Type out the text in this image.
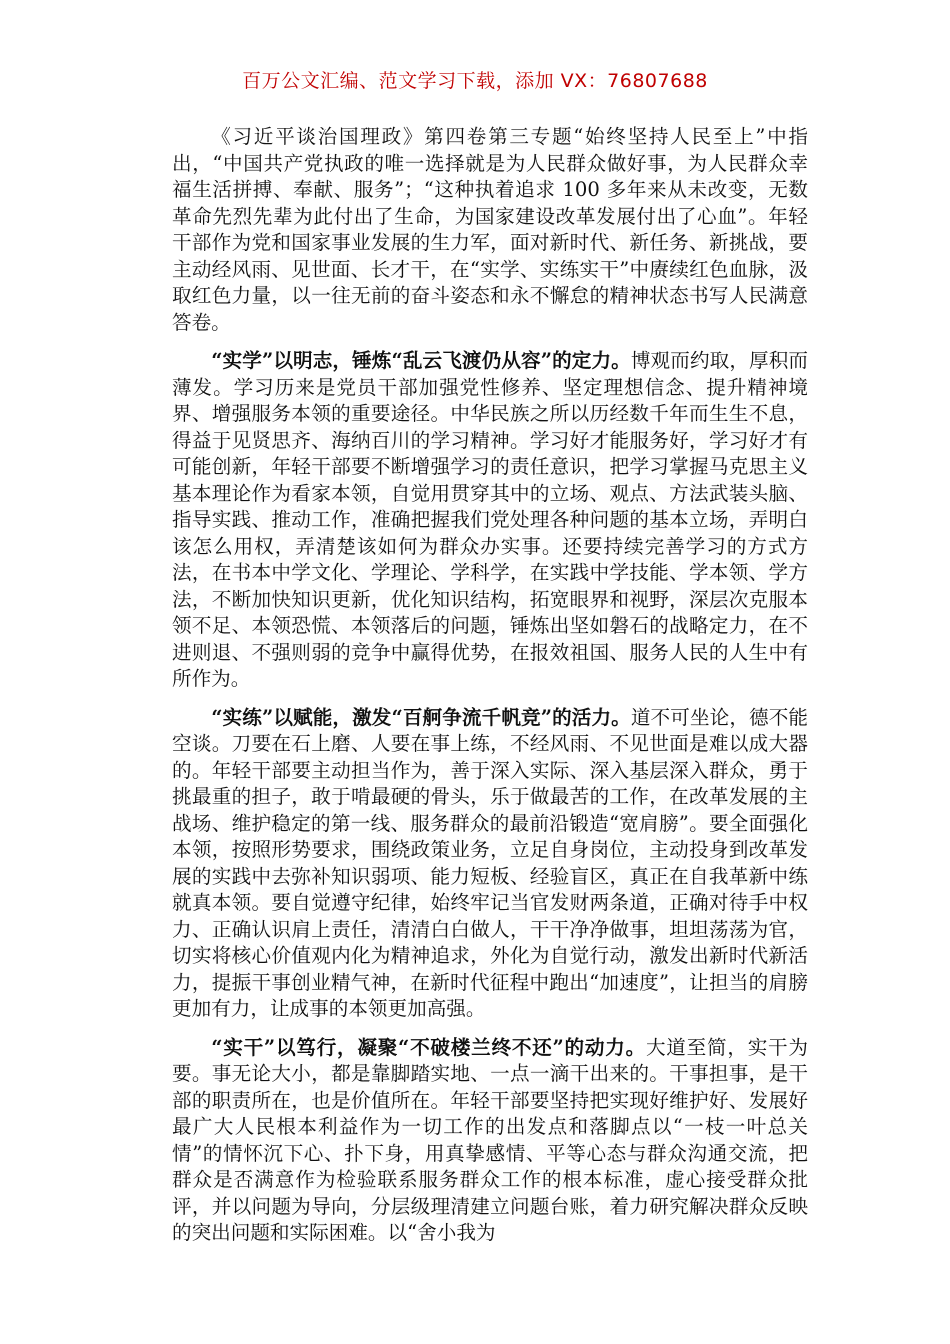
百万公文汇编、范文学习下载，添加 VX：76807688

《习近平谈治国理政》第四卷第三专题“始终坚持人民至上”中指出，“中国共产党执政的唯一选择就是为人民群众做好事，为人民群众幸福生活拼搏、奉献、服务”；“这种执着追求 100 多年来从未改变，无数革命先烈先辈为此付出了生命，为国家建设改革发展付出了心血”。年轻干部作为党和国家事业发展的生力军，面对新时代、新任务、新挑战，要主动经风雨、见世面、长才干，在“实学、实练实干”中赓续红色血脉，汲取红色力量，以一往无前的奋斗姿态和永不懈怠的精神状态书写人民满意答卷。

“实学”以明志，锤炼“乱云飞渡仍从容”的定力。博观而约取，厚积而薄发。学习历来是党员干部加强党性修养、坚定理想信念、提升精神境界、增强服务本领的重要途径。中华民族之所以历经数千年而生生不息，得益于见贤思齐、海纳百川的学习精神。学习好才能服务好，学习好才有可能创新，年轻干部要不断增强学习的责任意识，把学习掌握马克思主义基本理论作为看家本领，自觉用贯穿其中的立场、观点、方法武装头脑、指导实践、推动工作，准确把握我们党处理各种问题的基本立场，弄明白该怎么用权，弄清楚该如何为群众办实事。还要持续完善学习的方式方法，在书本中学文化、学理论、学科学，在实践中学技能、学本领、学方法，不断加快知识更新，优化知识结构，拓宽眼界和视野，深层次克服本领不足、本领恐慌、本领落后的问题，锤炼出坚如磐石的战略定力，在不进则退、不强则弱的竞争中赢得优势，在报效祖国、服务人民的人生中有所作为。

“实练”以赋能，激发“百舸争流千帆竞”的活力。道不可坐论，德不能空谈。刀要在石上磨、人要在事上练，不经风雨、不见世面是难以成大器的。年轻干部要主动担当作为，善于深入实际、深入基层深入群众，勇于挑最重的担子，敢于啃最硬的骨头，乐于做最苦的工作，在改革发展的主战场、维护稳定的第一线、服务群众的最前沿锻造“宽肩膀”。要全面强化本领，按照形势要求，围绕政策业务，立足自身岗位，主动投身到改革发展的实践中去弥补知识弱项、能力短板、经验盲区，真正在自我革新中练就真本领。要自觉遵守纪律，始终牢记当官发财两条道，正确对待手中权力、正确认识肩上责任，清清白白做人，干干净净做事，坦坦荡荡为官，切实将核心价值观内化为精神追求，外化为自觉行动，激发出新时代新活力，提振干事创业精气神，在新时代征程中跑出“加速度”，让担当的肩膀更加有力，让成事的本领更加高强。

“实干”以笃行，凝聚“不破楼兰终不还”的动力。大道至简，实干为要。事无论大小，都是靠脚踏实地、一点一滴干出来的。干事担事，是干部的职责所在，也是价值所在。年轻干部要坚持把实现好维护好、发展好最广大人民根本利益作为一切工作的出发点和落脚点以“一枝一叶总关情”的情怀沉下心、扑下身，用真挚感情、平等心态与群众沟通交流，把群众是否满意作为检验联系服务群众工作的根本标准，虚心接受群众批评，并以问题为导向，分层级理清建立问题台账，着力研究解决群众反映的突出问题和实际困难。以“舍小我为
